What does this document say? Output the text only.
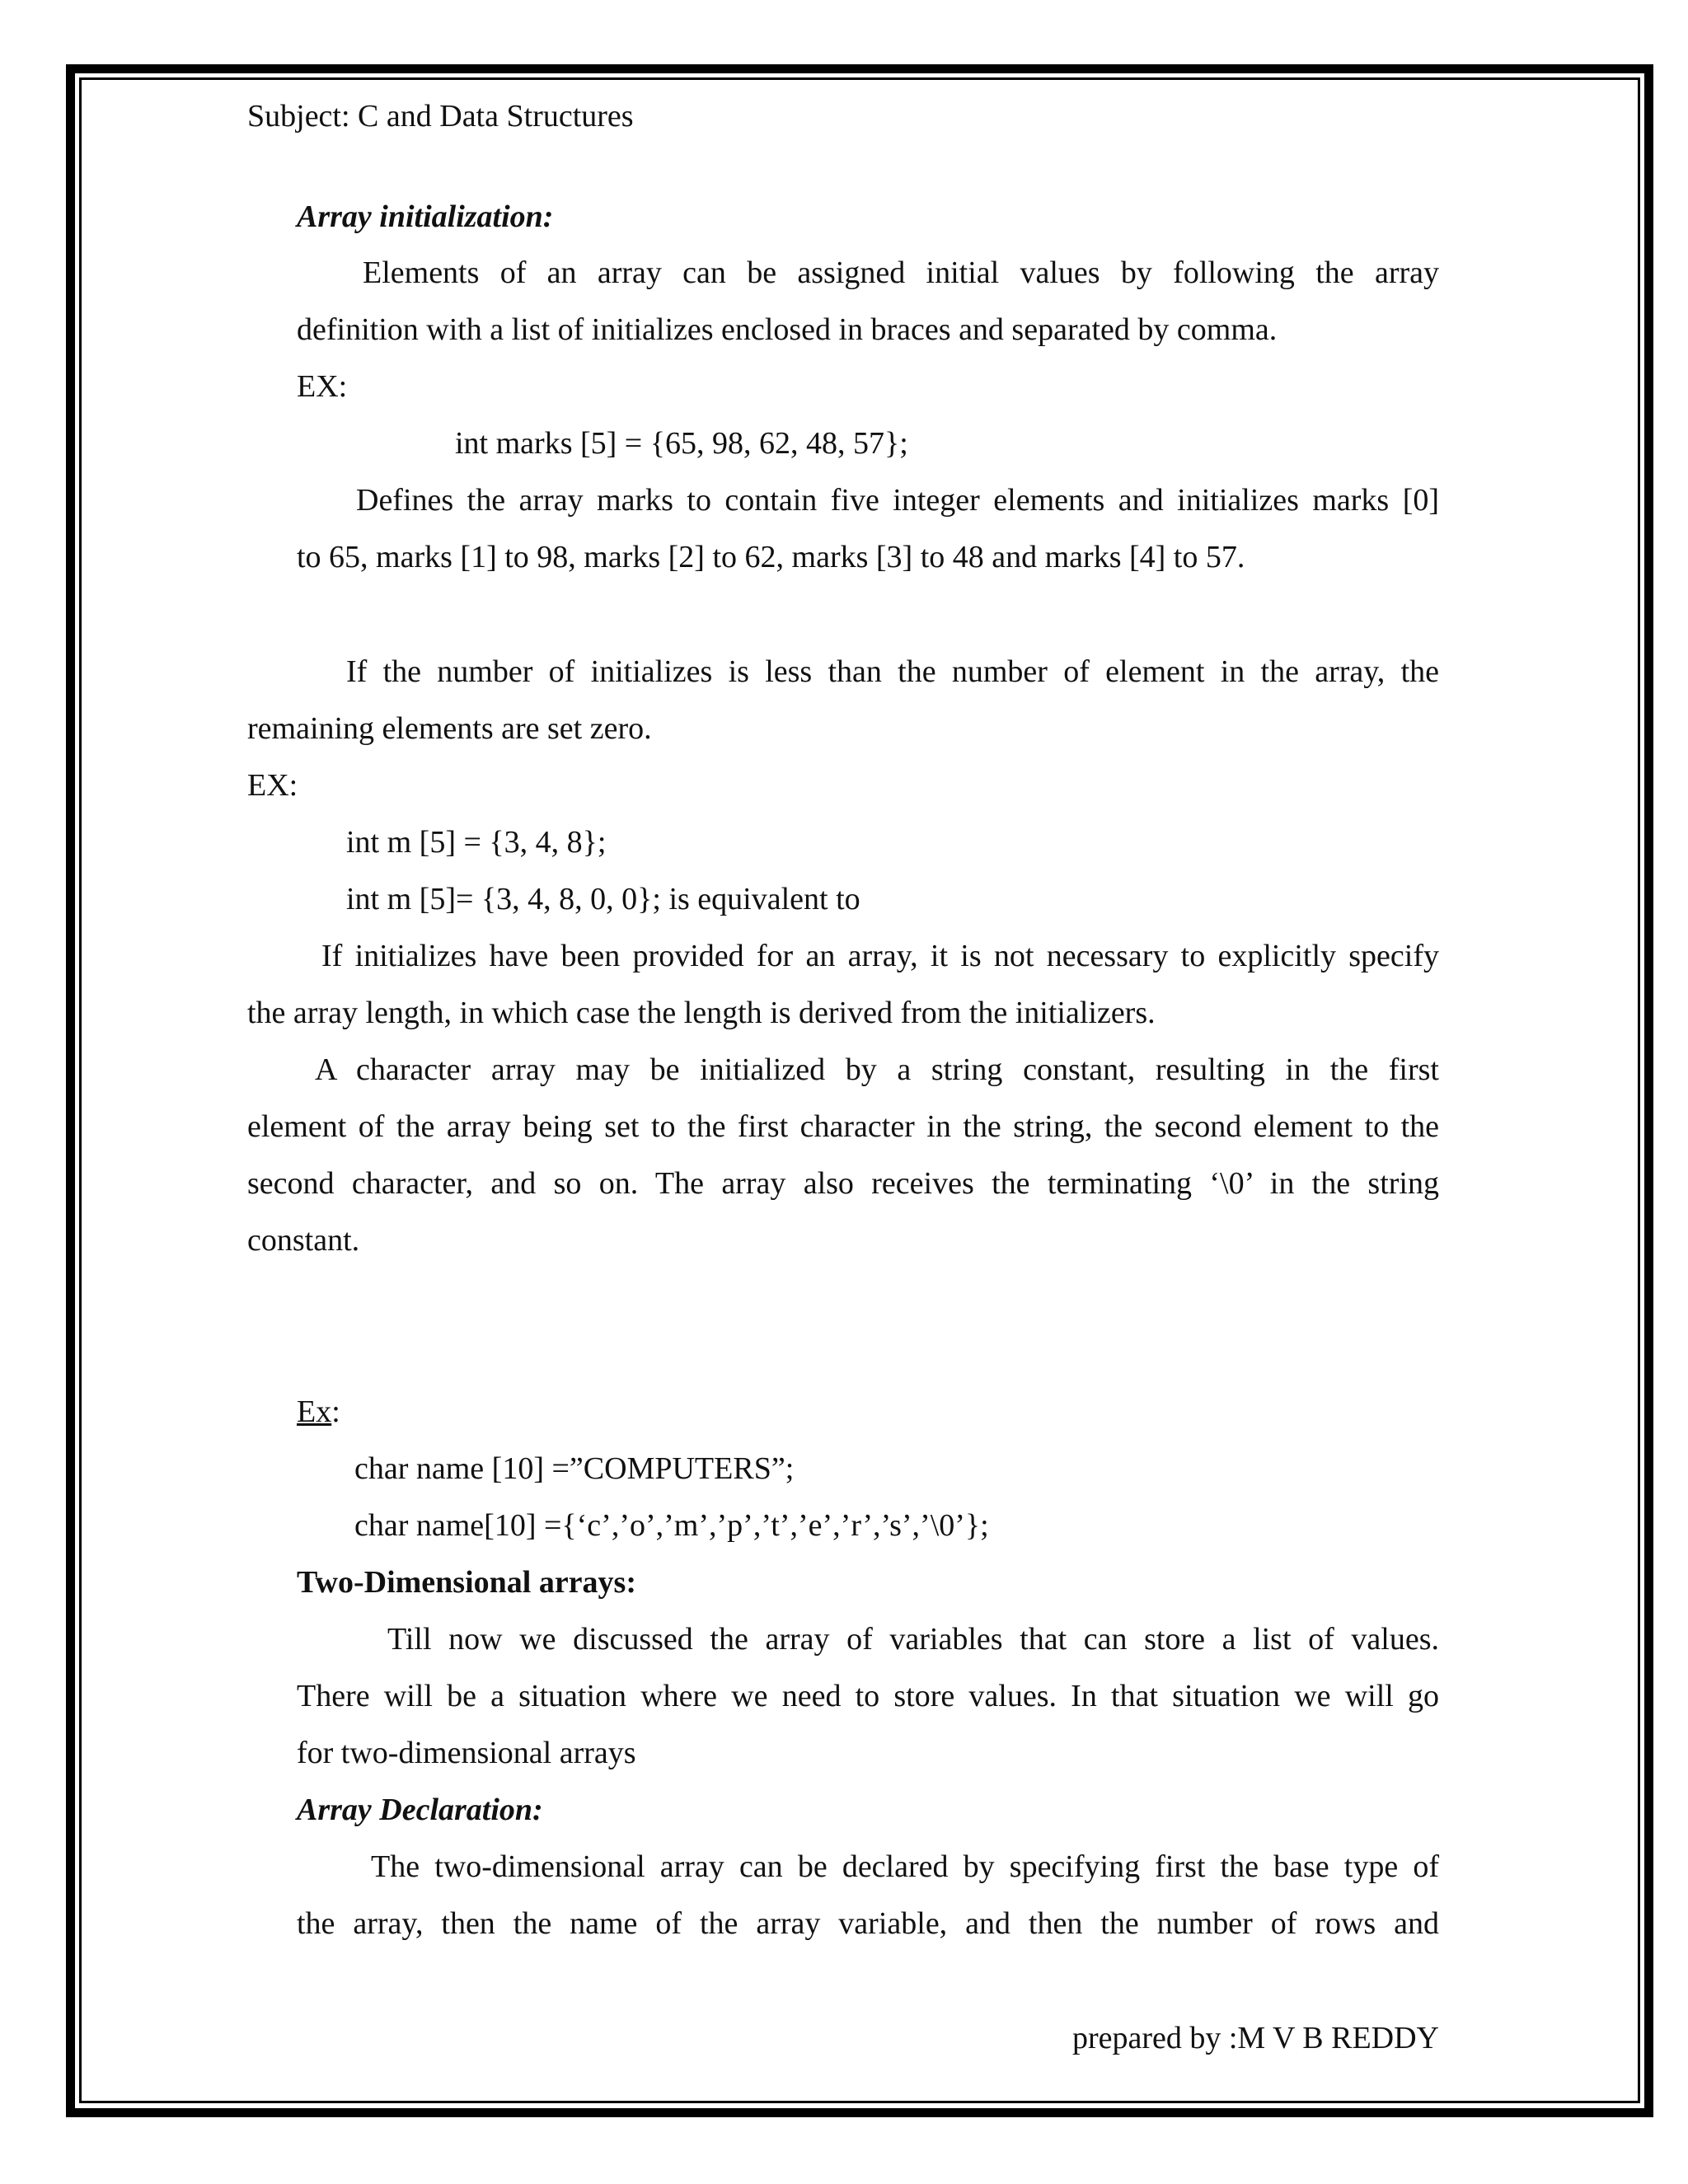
Subject: C and Data Structures

Array initialization:

Elements of an array can be assigned initial values by following the array

definition with a list of initializes enclosed in braces and separated by comma.

EX:

int marks [5] = {65, 98, 62, 48, 57};

Defines the array marks to contain five integer elements and initializes marks [0]

to 65, marks [1] to 98, marks [2] to 62, marks [3] to 48 and marks [4] to 57.

If the number of initializes is less than the number of element in the array, the

remaining elements are set zero.

EX:

int m [5] = {3, 4, 8};

int m [5]= {3, 4, 8, 0, 0}; is equivalent to

If initializes have been provided for an array, it is not necessary to explicitly specify

the array length, in which case the length is derived from the initializers.

A character array may be initialized by a string constant, resulting in the first

element of the array being set to the first character in the string, the second element to the

second character, and so on. The array also receives the terminating ‘\0’ in the string

constant.

Ex:

char name [10] =”COMPUTERS”;

char name[10] ={‘c’,’o’,’m’,’p’,’t’,’e’,’r’,’s’,’\0’};

Two-Dimensional arrays:

Till now we discussed the array of variables that can store a list of values.

There will be a situation where we need to store values. In that situation we will go

for two-dimensional arrays

Array Declaration:

The two-dimensional array can be declared by specifying first the base type of

the array, then the name of the array variable, and then the number of rows and

prepared by :M V B REDDY
